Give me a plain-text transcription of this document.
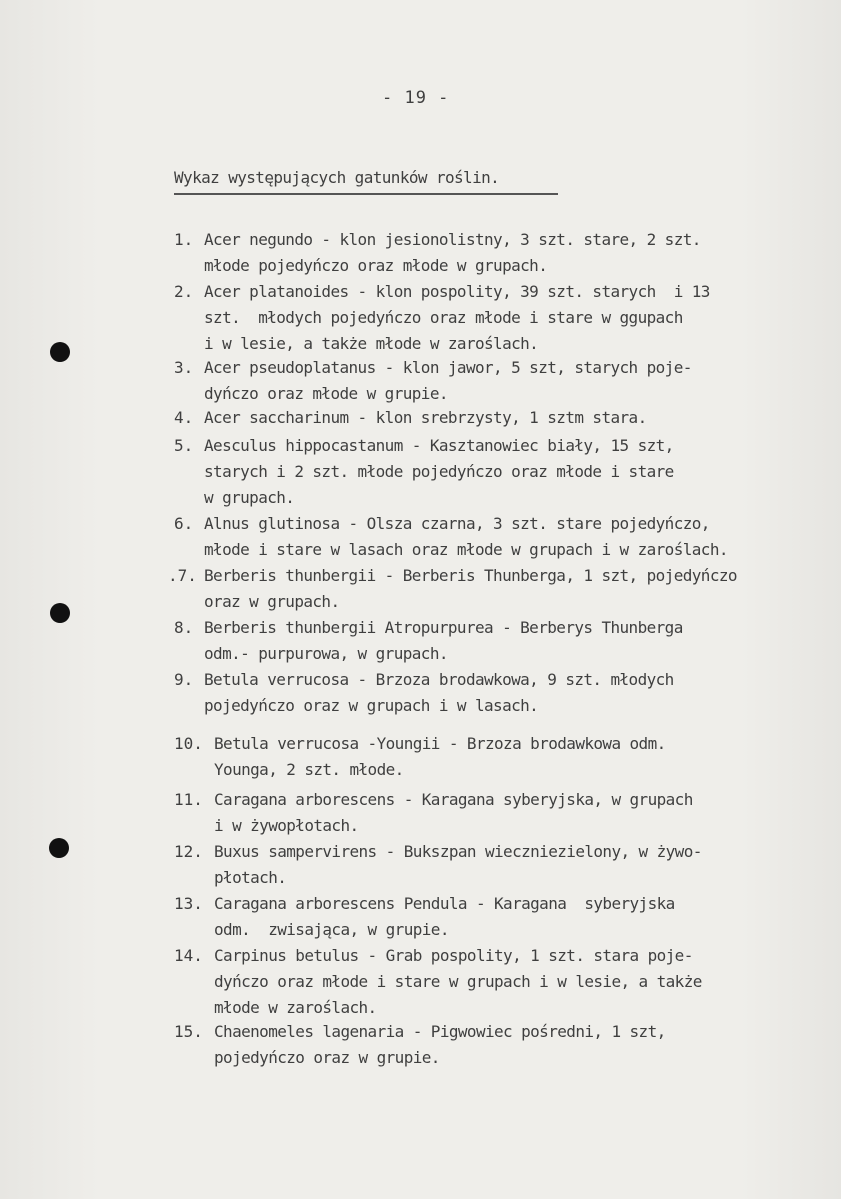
- 19 -
Wykaz występujących gatunków roślin.
1. Acer negundo - klon jesionolistny, 3 szt. stare, 2 szt.
młode pojedyńczo oraz młode w grupach.
2. Acer platanoides - klon pospolity, 39 szt. starych  i 13
szt.  młodych pojedyńczo oraz młode i stare w ggupach
i w lesie, a także młode w zaroślach.
3. Acer pseudoplatanus - klon jawor, 5 szt, starych poje-
dyńczo oraz młode w grupie.
4. Acer saccharinum - klon srebrzysty, 1 sztm stara.
5. Aesculus hippocastanum - Kasztanowiec biały, 15 szt,
starych i 2 szt. młode pojedyńczo oraz młode i stare
w grupach.
6. Alnus glutinosa - Olsza czarna, 3 szt. stare pojedyńczo,
młode i stare w lasach oraz młode w grupach i w zaroślach.
.7. Berberis thunbergii - Berberis Thunberga, 1 szt, pojedyńczo
oraz w grupach.
8. Berberis thunbergii Atropurpurea - Berberys Thunberga
odm.- purpurowa, w grupach.
9. Betula verrucosa - Brzoza brodawkowa, 9 szt. młodych
pojedyńczo oraz w grupach i w lasach.
10. Betula verrucosa -Youngii - Brzoza brodawkowa odm.
Younga, 2 szt. młode.
11. Caragana arborescens - Karagana syberyjska, w grupach
i w żywopłotach.
12. Buxus sampervirens - Bukszpan wieczniezielony, w żywo-
płotach.
13. Caragana arborescens Pendula - Karagana  syberyjska
odm.  zwisająca, w grupie.
14. Carpinus betulus - Grab pospolity, 1 szt. stara poje-
dyńczo oraz młode i stare w grupach i w lesie, a także
młode w zaroślach.
15. Chaenomeles lagenaria - Pigwowiec pośredni, 1 szt,
pojedyńczo oraz w grupie.
